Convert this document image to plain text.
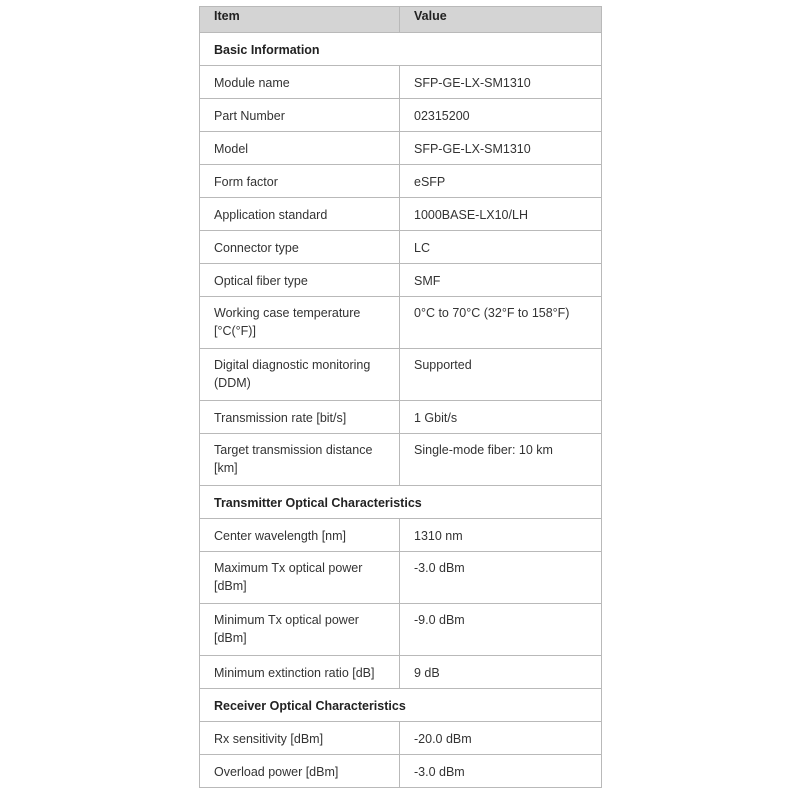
Item	Value
Basic Information	
Module name	SFP-GE-LX-SM1310
Part Number	02315200
Model	SFP-GE-LX-SM1310
Form factor	eSFP
Application standard	1000BASE-LX10/LH
Connector type	LC
Optical fiber type	SMF
Working case temperature [°C(°F)]	0°C to 70°C (32°F to 158°F)
Digital diagnostic monitoring (DDM)	Supported
Transmission rate [bit/s]	1 Gbit/s
Target transmission distance [km]	Single-mode fiber: 10 km
Transmitter Optical Characteristics	
Center wavelength [nm]	1310 nm
Maximum Tx optical power [dBm]	-3.0 dBm
Minimum Tx optical power [dBm]	-9.0 dBm
Minimum extinction ratio [dB]	9 dB
Receiver Optical Characteristics	
Rx sensitivity [dBm]	-20.0 dBm
Overload power [dBm]	-3.0 dBm
